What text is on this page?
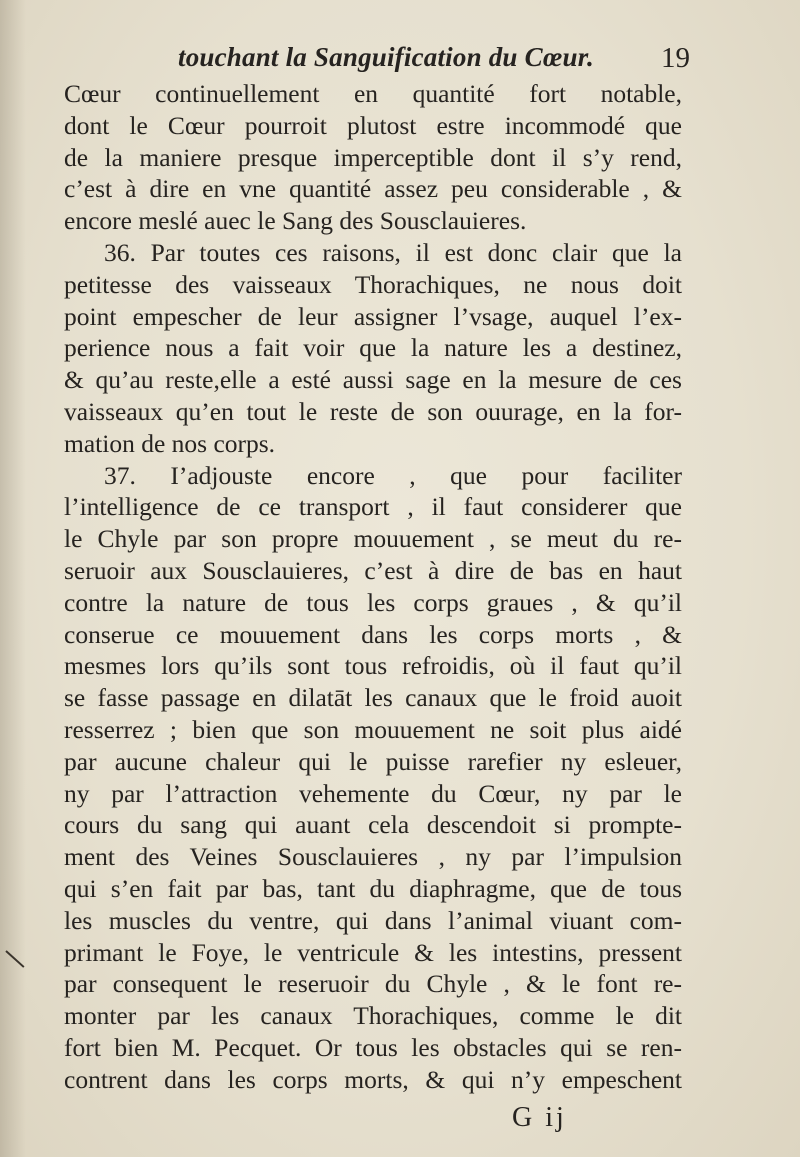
touchant la Sanguification du Cœur. 19
Cœur continuellement en quantité fort notable,
dont le Cœur pourroit plutost estre incommodé que
de la maniere presque imperceptible dont il s’y rend,
c’est à dire en vne quantité assez peu considerable , &
encore meslé auec le Sang des Sousclauieres.
36. Par toutes ces raisons, il est donc clair que la
petitesse des vaisseaux Thorachiques, ne nous doit
point empescher de leur assigner l’vsage, auquel l’ex-
perience nous a fait voir que la nature les a destinez,
& qu’au reste,elle a esté aussi sage en la mesure de ces
vaisseaux qu’en tout le reste de son ouurage, en la for-
mation de nos corps.
37. I’adjouste encore , que pour faciliter
l’intelligence de ce transport , il faut considerer que
le Chyle par son propre mouuement , se meut du re-
seruoir aux Sousclauieres, c’est à dire de bas en haut
contre la nature de tous les corps graues , & qu’il
conserue ce mouuement dans les corps morts , &
mesmes lors qu’ils sont tous refroidis, où il faut qu’il
se fasse passage en dilatāt les canaux que le froid auoit
resserrez ; bien que son mouuement ne soit plus aidé
par aucune chaleur qui le puisse rarefier ny esleuer,
ny par l’attraction vehemente du Cœur, ny par le
cours du sang qui auant cela descendoit si prompte-
ment des Veines Sousclauieres , ny par l’impulsion
qui s’en fait par bas, tant du diaphragme, que de tous
les muscles du ventre, qui dans l’animal viuant com-
primant le Foye, le ventricule & les intestins, pressent
par consequent le reseruoir du Chyle , & le font re-
monter par les canaux Thorachiques, comme le dit
fort bien M. Pecquet. Or tous les obstacles qui se ren-
contrent dans les corps morts, & qui n’y empeschent
G ij
